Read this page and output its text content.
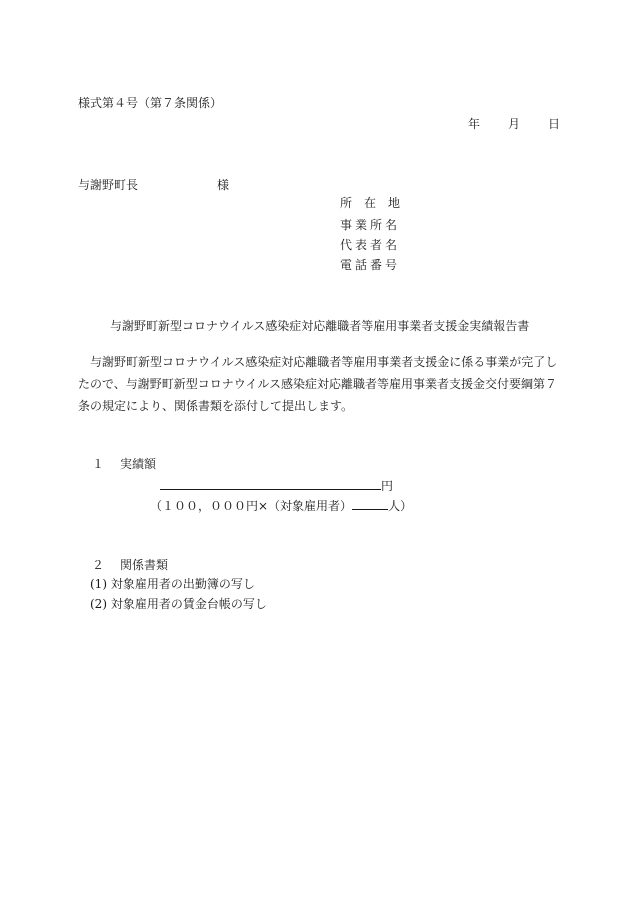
様式第４号（第７条関係）
年 月 日
与謝野町長	様
所　在　地
事業所名
代表者名
電話番号
与謝野町新型コロナウイルス感染症対応離職者等雇用事業者支援金実績報告書
与謝野町新型コロナウイルス感染症対応離職者等雇用事業者支援金に係る事業が完了し
たので、与謝野町新型コロナウイルス感染症対応離職者等雇用事業者支援金交付要綱第７
条の規定により、関係書類を添付して提出します。
１ 実績額
円
（１００，０００円×（対象雇用者）	人）
２ 関係書類
(1) 対象雇用者の出勤簿の写し
(2) 対象雇用者の賃金台帳の写し
